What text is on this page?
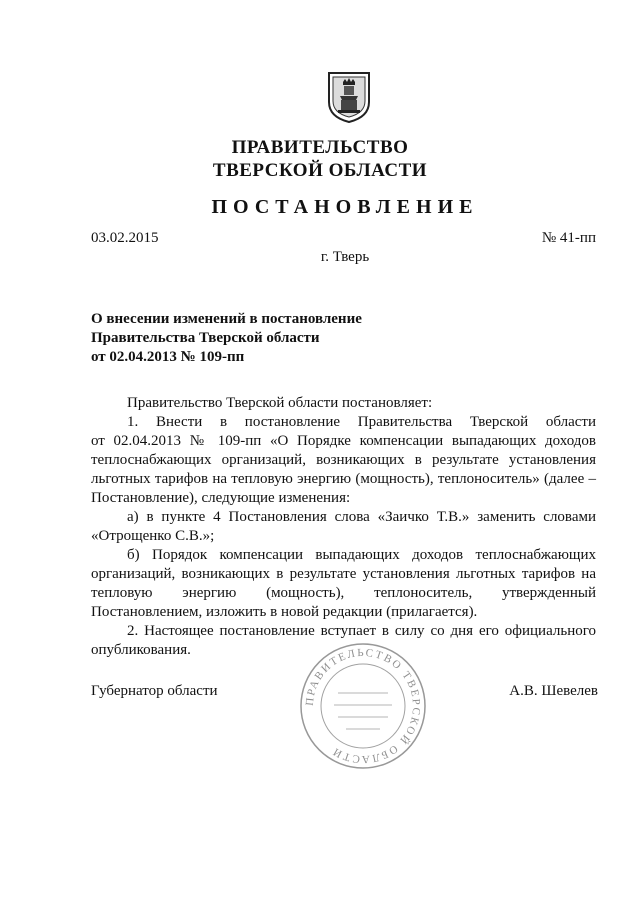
ПРАВИТЕЛЬСТВО
ТВЕРСКОЙ ОБЛАСТИ
ПОСТАНОВЛЕНИЕ
03.02.2015	№ 41-пп
г. Тверь
О внесении изменений в постановление
Правительства Тверской области
от 02.04.2013 № 109-пп

Правительство Тверской области постановляет:

1. Внести в постановление Правительства Тверской области

от 02.04.2013 № 109-пп «О Порядке компенсации выпадающих доходов

теплоснабжающих организаций, возникающих в результате установления

льготных тарифов на тепловую энергию (мощность), теплоноситель» (далее –

Постановление), следующие изменения:

а) в пункте 4 Постановления слова «Заичко Т.В.» заменить словами

«Отрощенко С.В.»;

б) Порядок компенсации выпадающих доходов теплоснабжающих

организаций, возникающих в результате установления льготных тарифов на

тепловую энергию (мощность), теплоноситель, утвержденный

Постановлением, изложить в новой редакции (прилагается).

2. Настоящее постановление вступает в силу со дня его официального

опубликования.

ПРАВИТЕЛЬСТВО ТВЕРСКОЙ ОБЛАСТИ
Губернатор области	А.В. Шевелев
